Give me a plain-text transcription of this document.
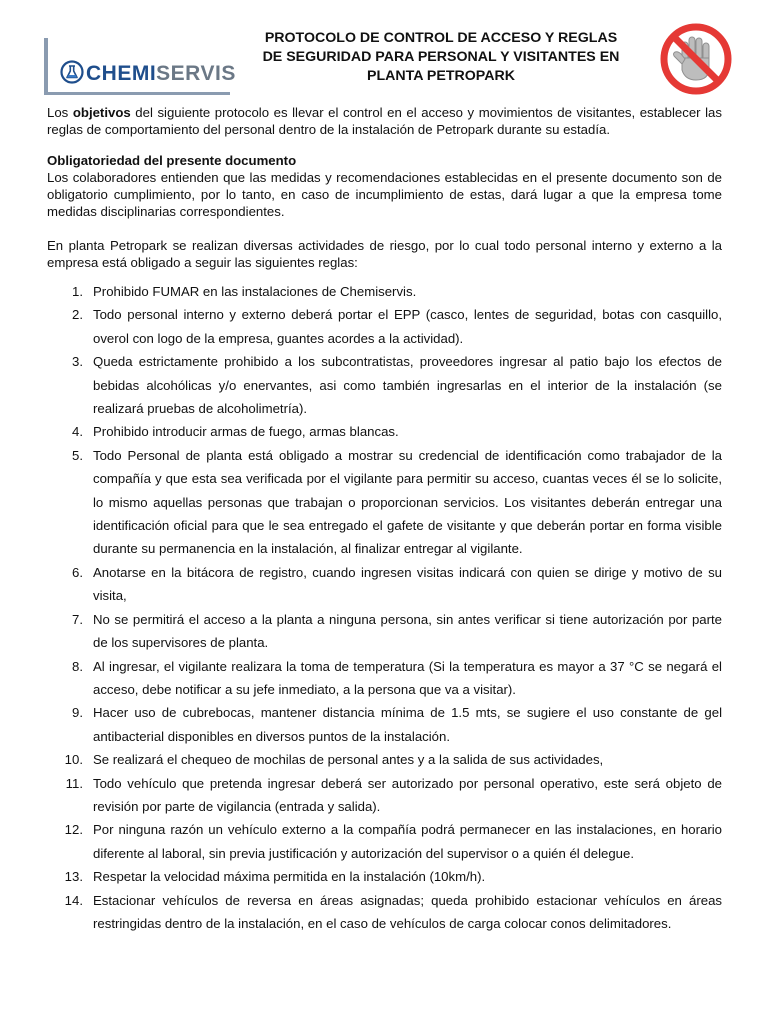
CHEMISERVIS
PROTOCOLO DE CONTROL DE ACCESO Y REGLAS
DE SEGURIDAD PARA PERSONAL Y VISITANTES EN
PLANTA PETROPARK

Los objetivos del siguiente protocolo es llevar el control en el acceso y movimientos de visitantes, establecer las reglas de comportamiento del personal dentro de la instalación de Petropark durante su estadía.

Obligatoriedad del presente documento

Los colaboradores entienden que las medidas y recomendaciones establecidas en el presente documento son de obligatorio cumplimiento, por lo tanto, en caso de incumplimiento de estas, dará lugar a que la empresa tome medidas disciplinarias correspondientes.

En planta Petropark se realizan diversas actividades de riesgo, por lo cual todo personal interno y externo a la empresa está obligado a seguir las siguientes reglas:

1. Prohibido FUMAR en las instalaciones de Chemiservis.
2. Todo personal interno y externo deberá portar el EPP (casco, lentes de seguridad, botas con casquillo, overol con logo de la empresa, guantes acordes a la actividad).
3. Queda estrictamente prohibido a los subcontratistas, proveedores ingresar al patio bajo los efectos de bebidas alcohólicas y/o enervantes, asi como también ingresarlas en el interior de la instalación (se realizará pruebas de alcoholimetría).
4. Prohibido introducir armas de fuego, armas blancas.
5. Todo Personal de planta está obligado a mostrar su credencial de identificación como trabajador de la compañía y que esta sea verificada por el vigilante para permitir su acceso, cuantas veces él se lo solicite, lo mismo aquellas personas que trabajan o proporcionan servicios. Los visitantes deberán entregar una identificación oficial para que le sea entregado el gafete de visitante y que deberán portar en forma visible durante su permanencia en la instalación, al finalizar entregar al vigilante.
6. Anotarse en la bitácora de registro, cuando ingresen visitas indicará con quien se dirige y motivo de su visita,
7. No se permitirá el acceso a la planta a ninguna persona, sin antes verificar si tiene autorización por parte de los supervisores de planta.
8. Al ingresar, el vigilante realizara la toma de temperatura (Si la temperatura es mayor a 37 °C se negará el acceso, debe notificar a su jefe inmediato, a la persona que va a visitar).
9. Hacer uso de cubrebocas, mantener distancia mínima de 1.5 mts, se sugiere el uso constante de gel antibacterial disponibles en diversos puntos de la instalación.
10. Se realizará el chequeo de mochilas de personal antes y a la salida de sus actividades,
11. Todo vehículo que pretenda ingresar deberá ser autorizado por personal operativo, este será objeto de revisión por parte de vigilancia (entrada y salida).
12. Por ninguna razón un vehículo externo a la compañía podrá permanecer en las instalaciones, en horario diferente al laboral, sin previa justificación y autorización del supervisor o a quién él delegue.
13. Respetar la velocidad máxima permitida en la instalación (10km/h).
14. Estacionar vehículos de reversa en áreas asignadas; queda prohibido estacionar vehículos en áreas restringidas dentro de la instalación, en el caso de vehículos de carga colocar conos delimitadores.
